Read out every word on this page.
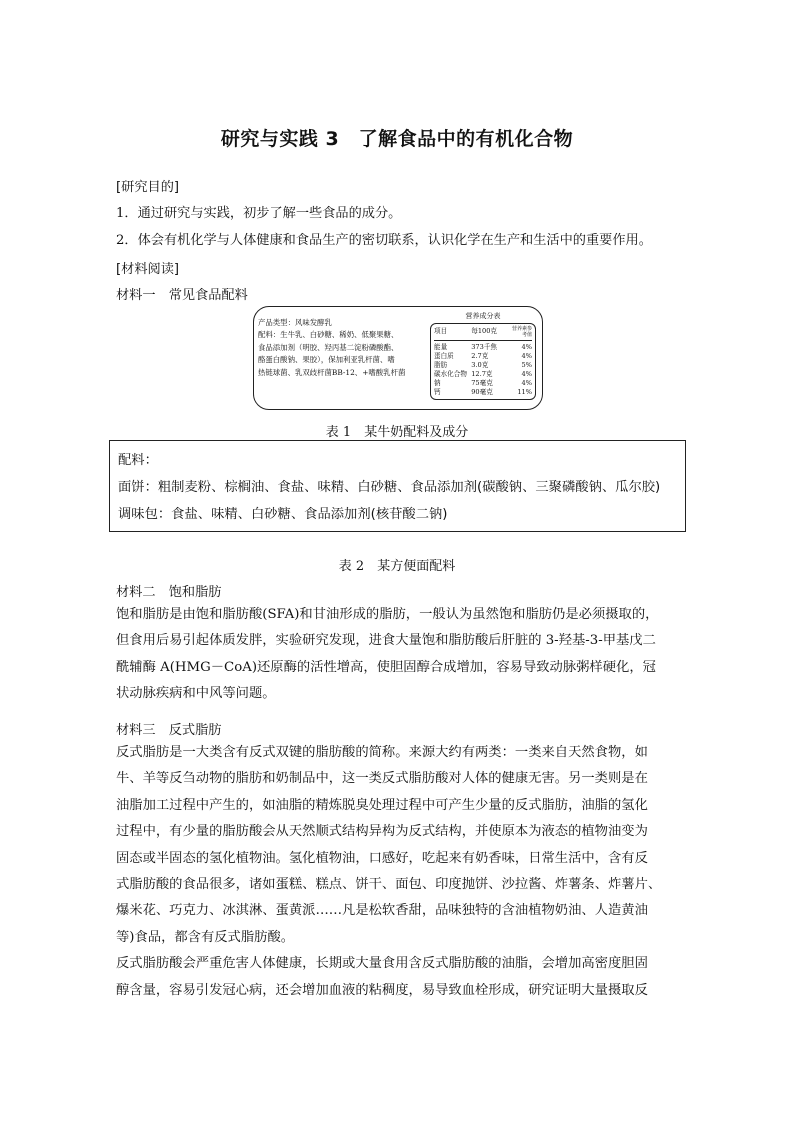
研究与实践 3　了解食品中的有机化合物
[研究目的]
1．通过研究与实践，初步了解一些食品的成分。
2．体会有机化学与人体健康和食品生产的密切联系，认识化学在生产和生活中的重要作用。
[材料阅读]
材料一　常见食品配料
产品类型：风味发酵乳
配料：生牛乳、白砂糖、稀奶、低聚果糖、
食品添加剂（明胶、羟丙基二淀粉磷酸酯、
酪蛋白酸钠、果胶），保加利亚乳杆菌、嗜
热链球菌、乳双歧杆菌BB-12、+嗜酸乳杆菌
营养成分表
项目	每100克	营养素参考值
能量	373千焦	4%
蛋白质	2.7克	4%
脂肪	3.0克	5%
碳水化合物 12.7克	4%
钠	75毫克	4%
钙	90毫克	11%
表 1　某牛奶配料及成分
配料：
面饼：粗制麦粉、棕榈油、食盐、味精、白砂糖、食品添加剂(碳酸钠、三聚磷酸钠、瓜尔胶)
调味包：食盐、味精、白砂糖、食品添加剂(核苷酸二钠)
表 2　某方便面配料
材料二　饱和脂肪

饱和脂肪是由饱和脂肪酸(SFA)和甘油形成的脂肪，一般认为虽然饱和脂肪仍是必须摄取的，

但食用后易引起体质发胖，实验研究发现，进食大量饱和脂肪酸后肝脏的 3-羟基-3-甲基戊二

酰辅酶 A(HMG－CoA)还原酶的活性增高，使胆固醇合成增加，容易导致动脉粥样硬化，冠

状动脉疾病和中风等问题。

材料三　反式脂肪

反式脂肪是一大类含有反式双键的脂肪酸的简称。来源大约有两类：一类来自天然食物，如

牛、羊等反刍动物的脂肪和奶制品中，这一类反式脂肪酸对人体的健康无害。另一类则是在

油脂加工过程中产生的，如油脂的精炼脱臭处理过程中可产生少量的反式脂肪，油脂的氢化

过程中，有少量的脂肪酸会从天然顺式结构异构为反式结构，并使原本为液态的植物油变为

固态或半固态的氢化植物油。氢化植物油，口感好，吃起来有奶香味，日常生活中，含有反

式脂肪酸的食品很多，诸如蛋糕、糕点、饼干、面包、印度抛饼、沙拉酱、炸薯条、炸薯片、

爆米花、巧克力、冰淇淋、蛋黄派……凡是松软香甜，品味独特的含油植物奶油、人造黄油

等)食品，都含有反式脂肪酸。

反式脂肪酸会严重危害人体健康，长期或大量食用含反式脂肪酸的油脂，会增加高密度胆固

醇含量，容易引发冠心病，还会增加血液的粘稠度，易导致血栓形成，研究证明大量摄取反
